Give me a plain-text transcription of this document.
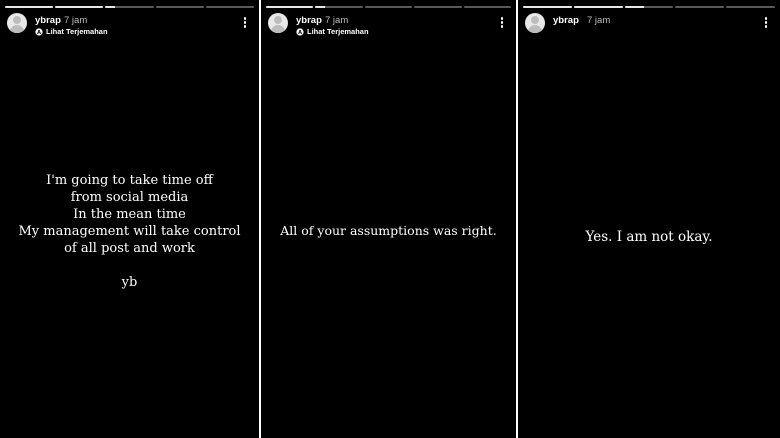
ybrap 7 jam
A Lihat Terjemahan
I'm going to take time off
from social media
In the mean time
My management will take control
of all post and work

yb
ybrap 7 jam
A Lihat Terjemahan
All of your assumptions was right.
ybrap 7 jam
Yes. I am not okay.
